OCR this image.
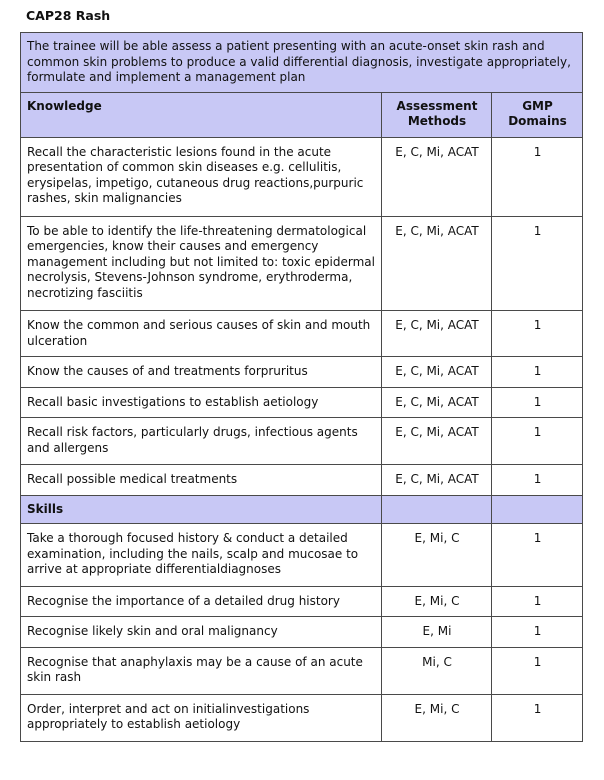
CAP28 Rash
The trainee will be able assess a patient presenting with an acute-onset skin rash and common skin problems to produce a valid differential diagnosis, investigate appropriately, formulate and implement a management plan		
Knowledge	Assessment Methods	GMP Domains
Recall the characteristic lesions found in the acute presentation of common skin diseases e.g. cellulitis, erysipelas, impetigo, cutaneous drug reactions,purpuric rashes, skin malignancies	E, C, Mi, ACAT	1
To be able to identify the life-threatening dermatological emergencies, know their causes and emergency management including but not limited to: toxic epidermal necrolysis, Stevens-Johnson syndrome, erythroderma, necrotizing fasciitis	E, C, Mi, ACAT	1
Know the common and serious causes of skin and mouth ulceration	E, C, Mi, ACAT	1
Know the causes of and treatments forpruritus	E, C, Mi, ACAT	1
Recall basic investigations to establish aetiology	E, C, Mi, ACAT	1
Recall risk factors, particularly drugs, infectious agents and allergens	E, C, Mi, ACAT	1
Recall possible medical treatments	E, C, Mi, ACAT	1
Skills		
Take a thorough focused history & conduct a detailed examination, including the nails, scalp and mucosae to arrive at appropriate differentialdiagnoses	E, Mi, C	1
Recognise the importance of a detailed drug history	E, Mi, C	1
Recognise likely skin and oral malignancy	E, Mi	1
Recognise that anaphylaxis may be a cause of an acute skin rash	Mi, C	1
Order, interpret and act on initialinvestigations appropriately to establish aetiology	E, Mi, C	1
